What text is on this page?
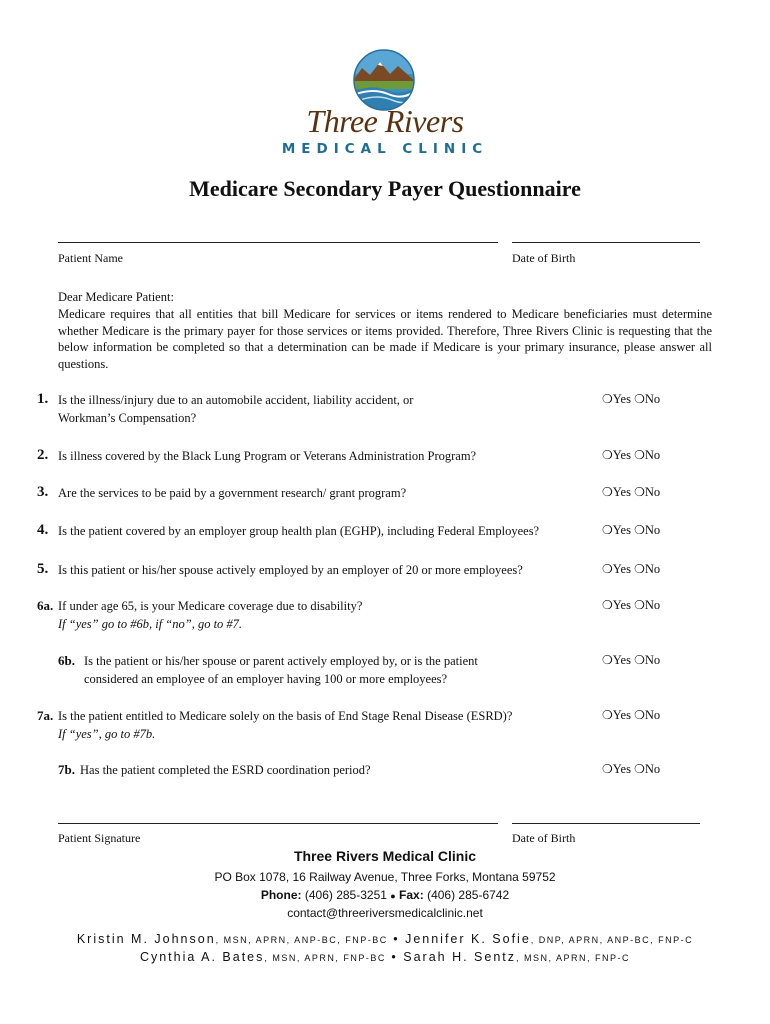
Three Rivers
MEDICAL CLINIC
Medicare Secondary Payer Questionnaire
Patient Name	Date of Birth
Dear Medicare Patient:
Medicare requires that all entities that bill Medicare for services or items rendered to Medicare beneficiaries must determine whether Medicare is the primary payer for those services or items provided. Therefore, Three Rivers Clinic is requesting that the below information be completed so that a determination can be made if Medicare is your primary insurance, please answer all questions.
1. Is the illness/injury due to an automobile accident, liability accident, or
Workman’s Compensation?
❍Yes ❍No
2. Is illness covered by the Black Lung Program or Veterans Administration Program?	❍Yes ❍No
3. Are the services to be paid by a government research/ grant program?	❍Yes ❍No
4. Is the patient covered by an employer group health plan (EGHP), including Federal Employees?	❍Yes ❍No
5. Is this patient or his/her spouse actively employed by an employer of 20 or more employees?	❍Yes ❍No
6a. If under age 65, is your Medicare coverage due to disability?
If “yes” go to #6b, if “no”, go to #7.
❍Yes ❍No
6b. Is the patient or his/her spouse or parent actively employed by, or is the patient
considered an employee of an employer having 100 or more employees?
❍Yes ❍No
7a. Is the patient entitled to Medicare solely on the basis of End Stage Renal Disease (ESRD)?
If “yes”, go to #7b.
❍Yes ❍No
7b. Has the patient completed the ESRD coordination period?	❍Yes ❍No
Patient Signature	Date of Birth
Three Rivers Medical Clinic
PO Box 1078, 16 Railway Avenue, Three Forks, Montana 59752
Phone: (406) 285-3251 ● Fax: (406) 285-6742
contact@threeriversmedicalclinic.net
Kristin M. Johnson, MSN, APRN, ANP-BC, FNP-BC • Jennifer K. Sofie, DNP, APRN, ANP-BC, FNP-C
Cynthia A. Bates, MSN, APRN, FNP-BC • Sarah H. Sentz, MSN, APRN, FNP-C
